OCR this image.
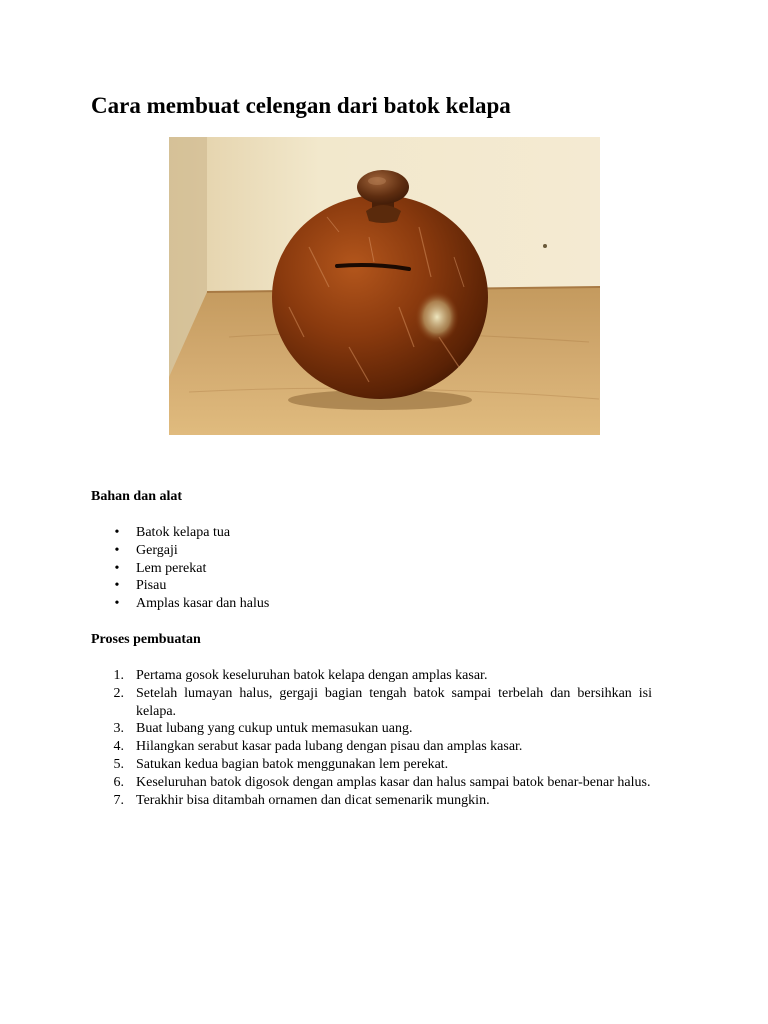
Cara membuat celengan dari batok kelapa
Bahan dan alat
• Batok kelapa tua
• Gergaji
• Lem perekat
• Pisau
• Amplas kasar dan halus
Proses pembuatan
1. Pertama gosok keseluruhan batok kelapa dengan amplas kasar.
2. Setelah lumayan halus, gergaji bagian tengah batok sampai terbelah dan bersihkan isi kelapa.
3. Buat lubang yang cukup untuk memasukan uang.
4. Hilangkan serabut kasar pada lubang dengan pisau dan amplas kasar.
5. Satukan kedua bagian batok menggunakan lem perekat.
6. Keseluruhan batok digosok dengan amplas kasar dan halus sampai batok benar-benar halus.
7. Terakhir bisa ditambah ornamen dan dicat semenarik mungkin.
